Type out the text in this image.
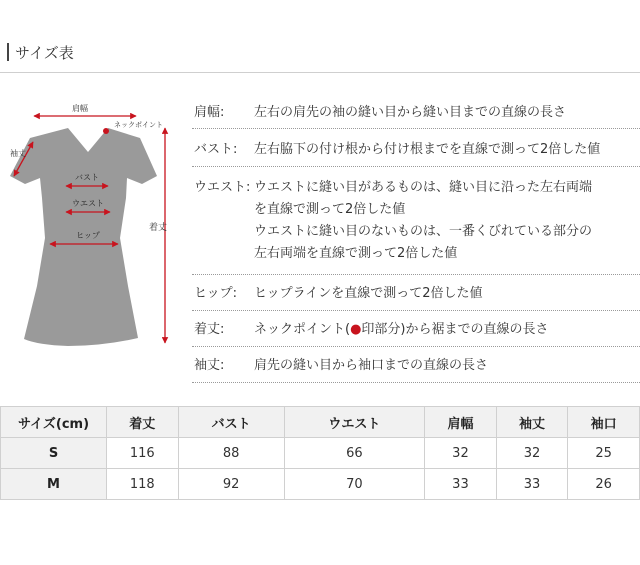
サイズ表
肩幅
ネックポイント
袖丈
バスト
ウエスト
ヒップ
着丈
肩幅:	左右の肩先の袖の縫い目から縫い目までの直線の長さ
バスト:	左右脇下の付け根から付け根までを直線で測って2倍した値
ウエスト: ウエストに縫い目があるものは、縫い目に沿った左右両端
を直線で測って2倍した値
ウエストに縫い目のないものは、一番くびれている部分の
左右両端を直線で測って2倍した値
ヒップ:	ヒップラインを直線で測って2倍した値
着丈:	ネックポイント(●印部分)から裾までの直線の長さ
袖丈:	肩先の縫い目から袖口までの直線の長さ
サイズ(cm)	着丈	バスト	ウエスト	肩幅	袖丈	袖口
S	116	88	66	32	32	25
M	118	92	70	33	33	26
